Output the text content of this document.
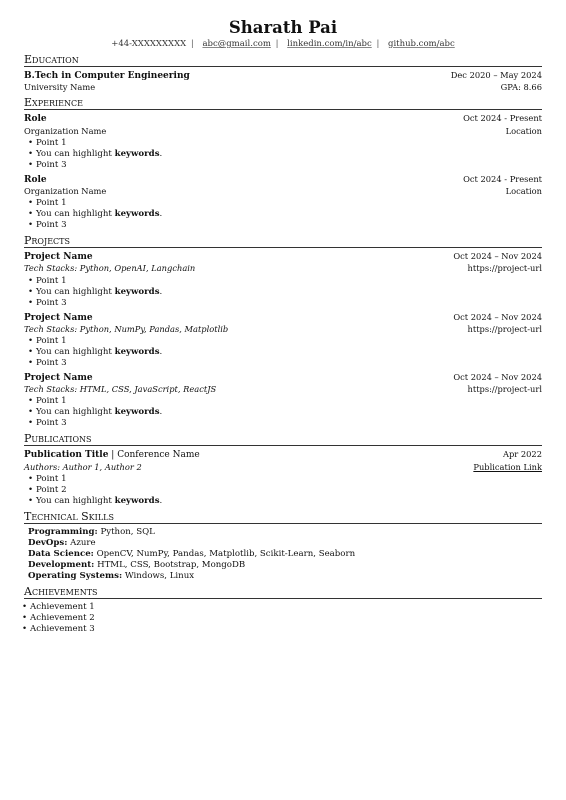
Sharath Pai
+44-XXXXXXXXX | abc@gmail.com | linkedin.com/in/abc | github.com/abc
Education
B.Tech in Computer Engineering	Dec 2020 – May 2024
University Name	GPA: 8.66
Experience
Role	Oct 2024 - Present
Organization Name	Location
• Point 1
• You can highlight keywords.
• Point 3
Role	Oct 2024 - Present
Organization Name	Location
• Point 1
• You can highlight keywords.
• Point 3
Projects
Project Name	Oct 2024 – Nov 2024
Tech Stacks: Python, OpenAI, Langchain	https://project-url
• Point 1
• You can highlight keywords.
• Point 3
Project Name	Oct 2024 – Nov 2024
Tech Stacks: Python, NumPy, Pandas, Matplotlib	https://project-url
• Point 1
• You can highlight keywords.
• Point 3
Project Name	Oct 2024 – Nov 2024
Tech Stacks: HTML, CSS, JavaScript, ReactJS	https://project-url
• Point 1
• You can highlight keywords.
• Point 3
Publications
Publication Title | Conference Name	Apr 2022
Authors: Author 1, Author 2	Publication Link
• Point 1
• Point 2
• You can highlight keywords.
Technical Skills
Programming: Python, SQL
DevOps: Azure
Data Science: OpenCV, NumPy, Pandas, Matplotlib, Scikit-Learn, Seaborn
Development: HTML, CSS, Bootstrap, MongoDB
Operating Systems: Windows, Linux
Achievements
• Achievement 1
• Achievement 2
• Achievement 3
